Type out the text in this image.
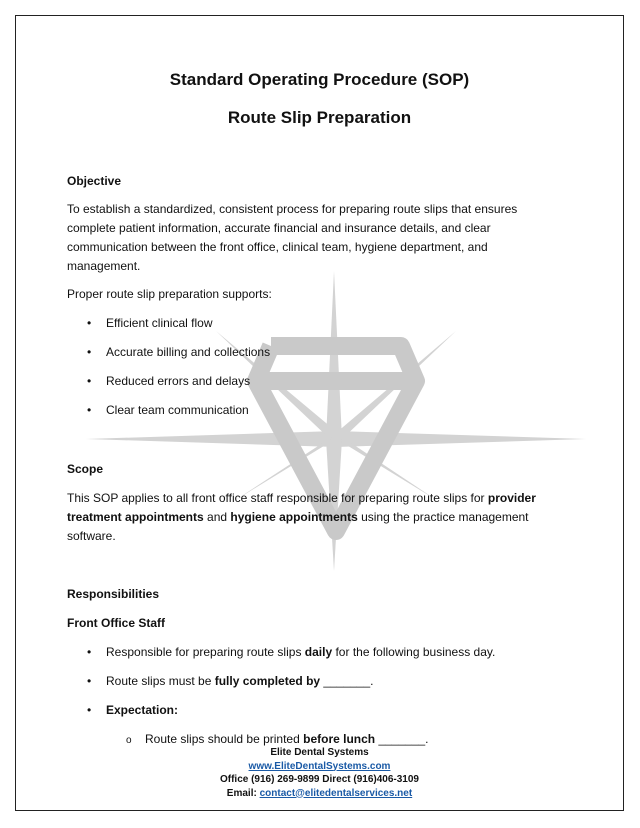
Standard Operating Procedure (SOP)
Route Slip Preparation
Objective
To establish a standardized, consistent process for preparing route slips that ensures
complete patient information, accurate financial and insurance details, and clear
communication between the front office, clinical team, hygiene department, and
management.
Proper route slip preparation supports:
• Efficient clinical flow
• Accurate billing and collections
• Reduced errors and delays
• Clear team communication
Scope
This SOP applies to all front office staff responsible for preparing route slips for provider
treatment appointments and hygiene appointments using the practice management
software.
Responsibilities
Front Office Staff
• Responsible for preparing route slips daily for the following business day.
• Route slips must be fully completed by _______.
• Expectation:
o Route slips should be printed before lunch _______.
Elite Dental Systems
www.EliteDentalSystems.com
Office (916) 269-9899 Direct (916)406-3109
Email: contact@elitedentalservices.net
